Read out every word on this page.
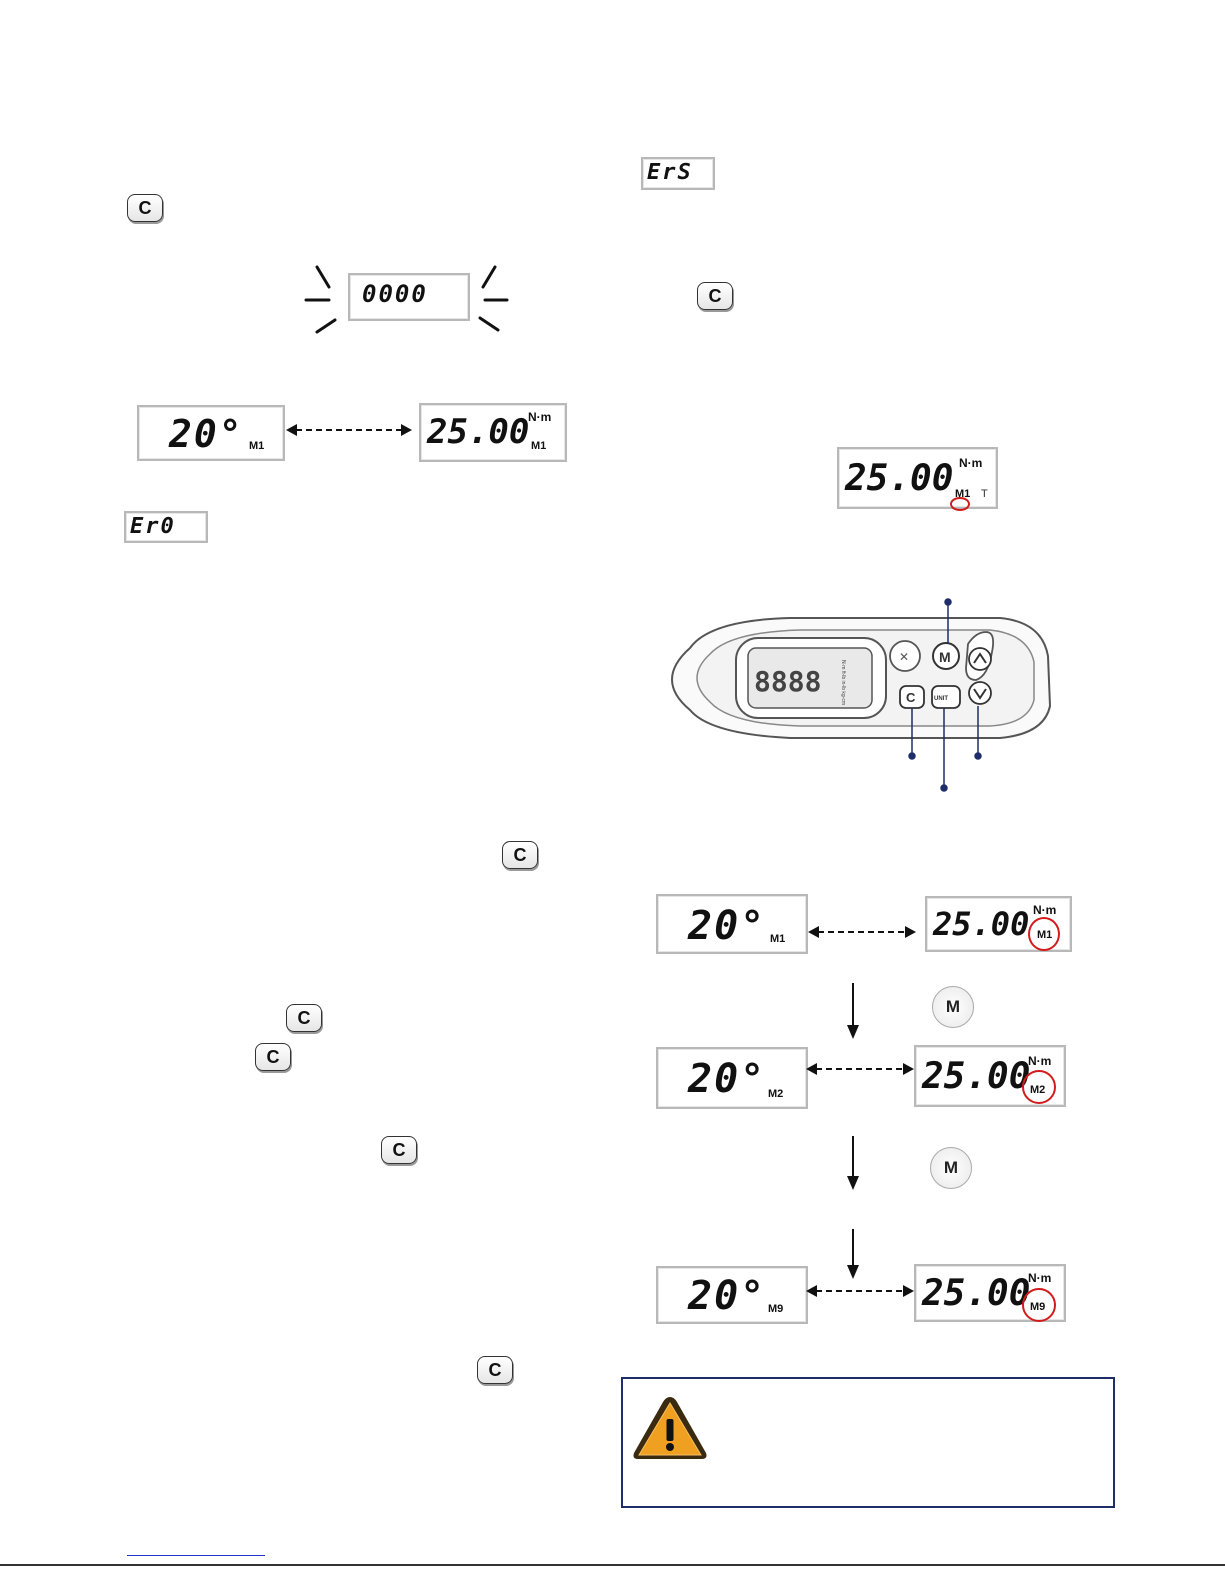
C
0000
20° M1	25.00
N·m
M1
Er0
C
C
C
C
C
ErS
C
25.00 N·m
M1 T
8888	N·m ft-lb in-lb kg-cm
✕ M
C	UNIT
20° M1	25.00 N·m
M1
M
20° M2	25.00
N·m
M2
M
20° M9	25.00
N·m
M9
